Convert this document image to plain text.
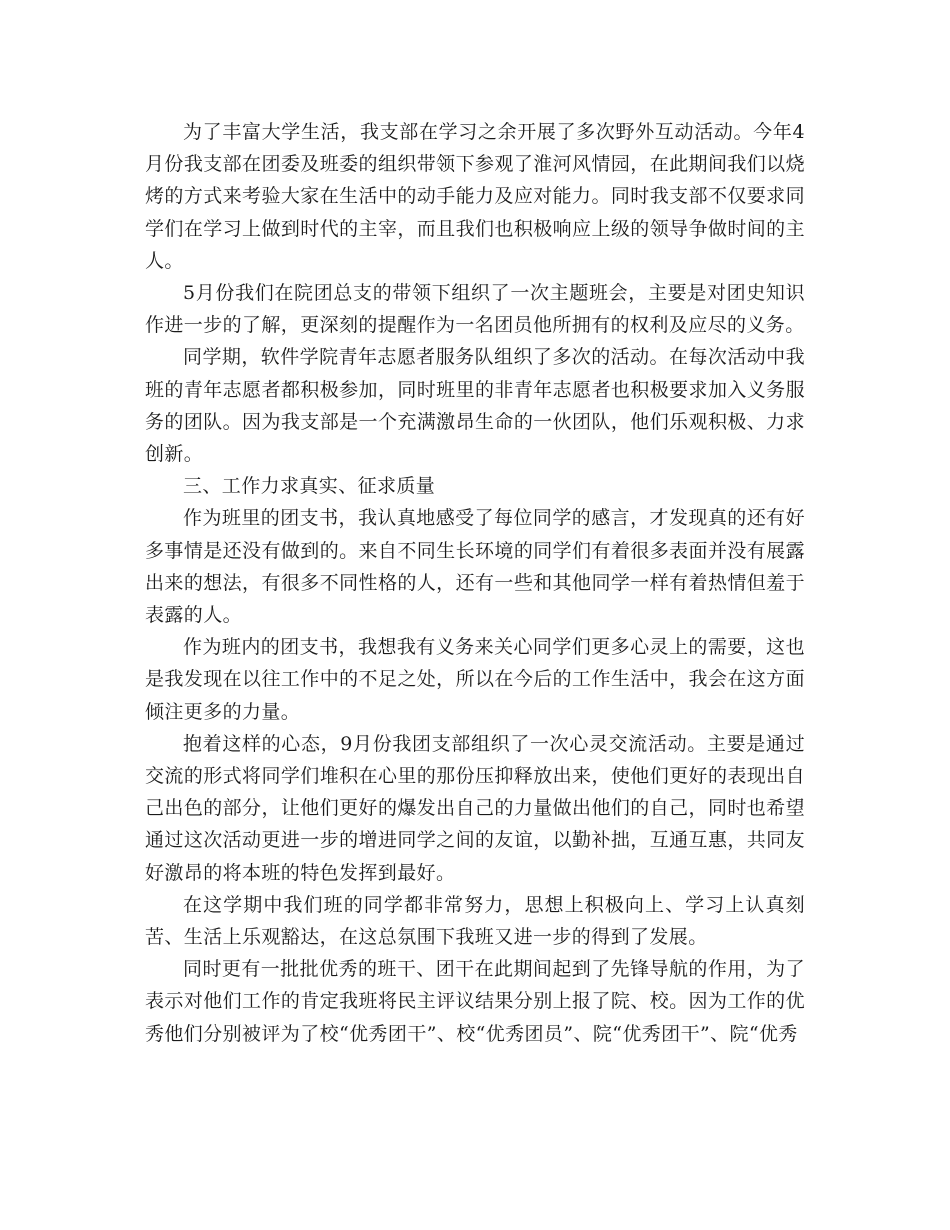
为了丰富大学生活，我支部在学习之余开展了多次野外互动活动。今年4月份我支部在团委及班委的组织带领下参观了淮河风情园，在此期间我们以烧烤的方式来考验大家在生活中的动手能力及应对能力。同时我支部不仅要求同学们在学习上做到时代的主宰，而且我们也积极响应上级的领导争做时间的主人。

5月份我们在院团总支的带领下组织了一次主题班会，主要是对团史知识作进一步的了解，更深刻的提醒作为一名团员他所拥有的权利及应尽的义务。

同学期，软件学院青年志愿者服务队组织了多次的活动。在每次活动中我班的青年志愿者都积极参加，同时班里的非青年志愿者也积极要求加入义务服务的团队。因为我支部是一个充满激昂生命的一伙团队，他们乐观积极、力求创新。

三、工作力求真实、征求质量

作为班里的团支书，我认真地感受了每位同学的感言，才发现真的还有好多事情是还没有做到的。来自不同生长环境的同学们有着很多表面并没有展露出来的想法，有很多不同性格的人，还有一些和其他同学一样有着热情但羞于表露的人。

作为班内的团支书，我想我有义务来关心同学们更多心灵上的需要，这也是我发现在以往工作中的不足之处，所以在今后的工作生活中，我会在这方面倾注更多的力量。

抱着这样的心态，9月份我团支部组织了一次心灵交流活动。主要是通过交流的形式将同学们堆积在心里的那份压抑释放出来，使他们更好的表现出自己出色的部分，让他们更好的爆发出自己的力量做出他们的自己，同时也希望通过这次活动更进一步的增进同学之间的友谊，以勤补拙，互通互惠，共同友好激昂的将本班的特色发挥到最好。

在这学期中我们班的同学都非常努力，思想上积极向上、学习上认真刻苦、生活上乐观豁达，在这总氛围下我班又进一步的得到了发展。

同时更有一批批优秀的班干、团干在此期间起到了先锋导航的作用，为了表示对他们工作的肯定我班将民主评议结果分别上报了院、校。因为工作的优秀他们分别被评为了校“优秀团干”、校“优秀团员”、院“优秀团干”、院“优秀
